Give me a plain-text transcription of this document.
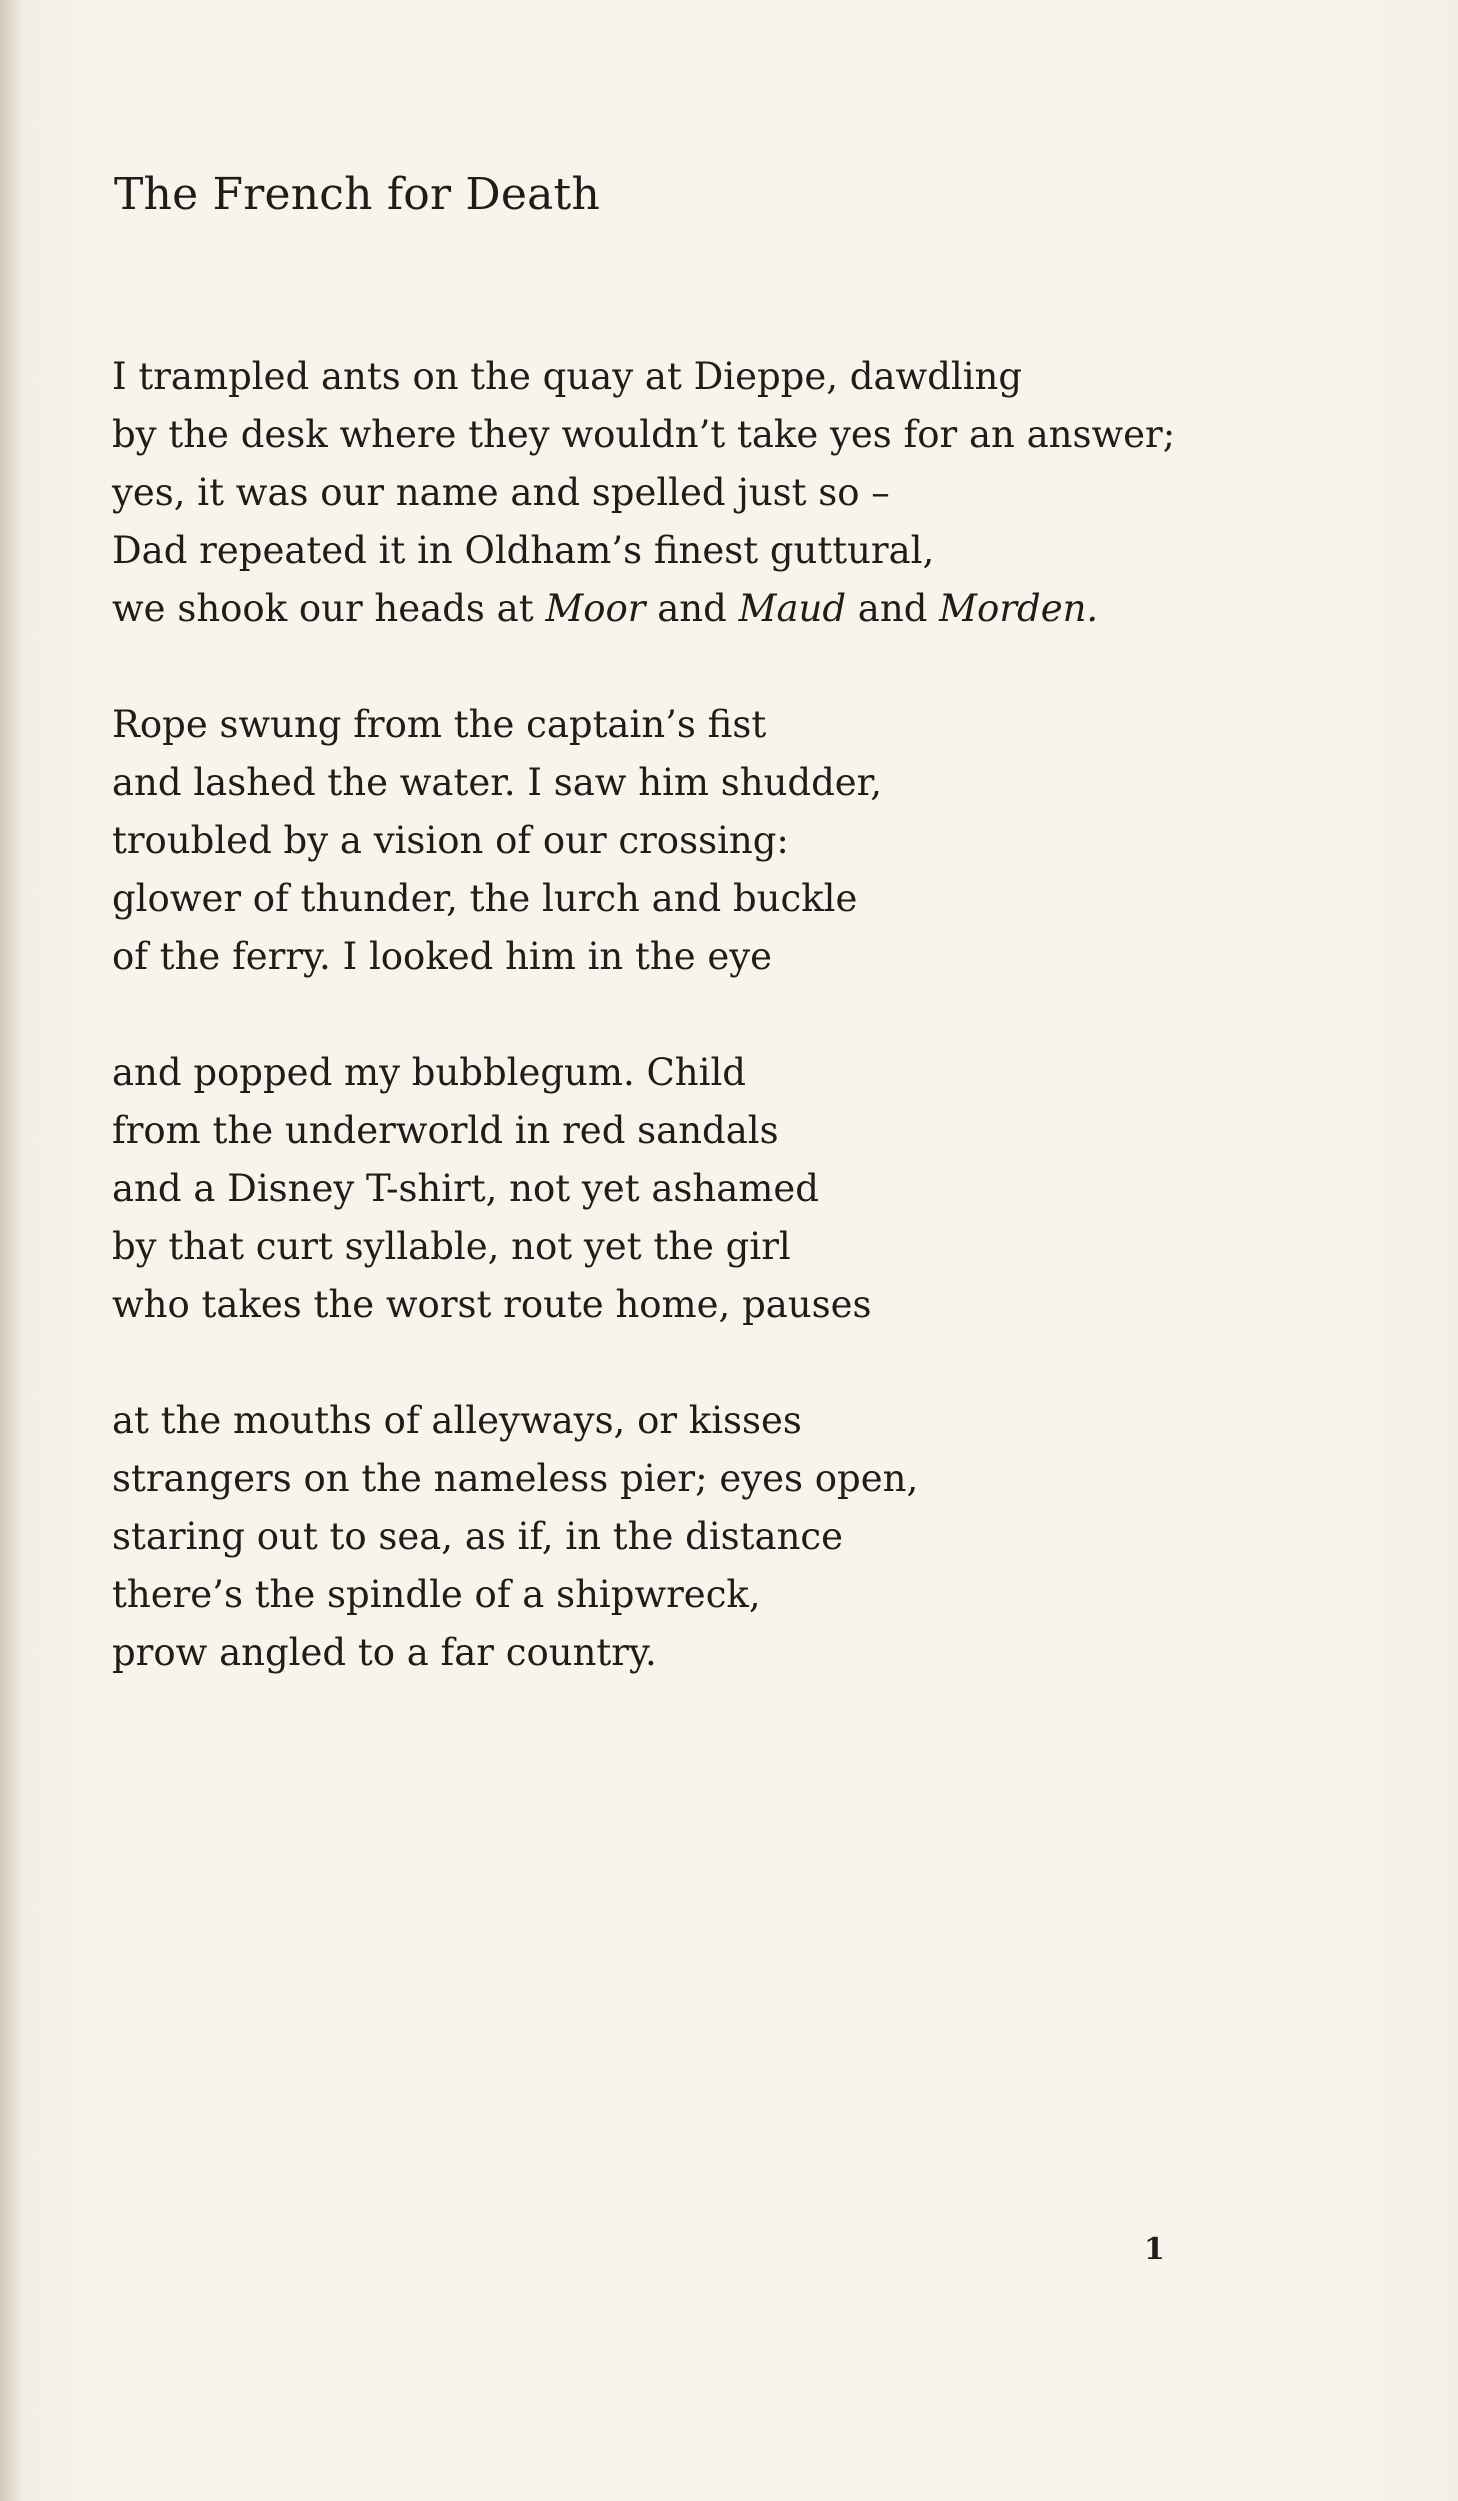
The French for Death
I trampled ants on the quay at Dieppe, dawdling
by the desk where they wouldn’t take yes for an answer;
yes, it was our name and spelled just so –
Dad repeated it in Oldham’s finest guttural,
we shook our heads at Moor and Maud and Morden.
Rope swung from the captain’s fist
and lashed the water. I saw him shudder,
troubled by a vision of our crossing:
glower of thunder, the lurch and buckle
of the ferry. I looked him in the eye
and popped my bubblegum. Child
from the underworld in red sandals
and a Disney T-shirt, not yet ashamed
by that curt syllable, not yet the girl
who takes the worst route home, pauses
at the mouths of alleyways, or kisses
strangers on the nameless pier; eyes open,
staring out to sea, as if, in the distance
there’s the spindle of a shipwreck,
prow angled to a far country.
1
